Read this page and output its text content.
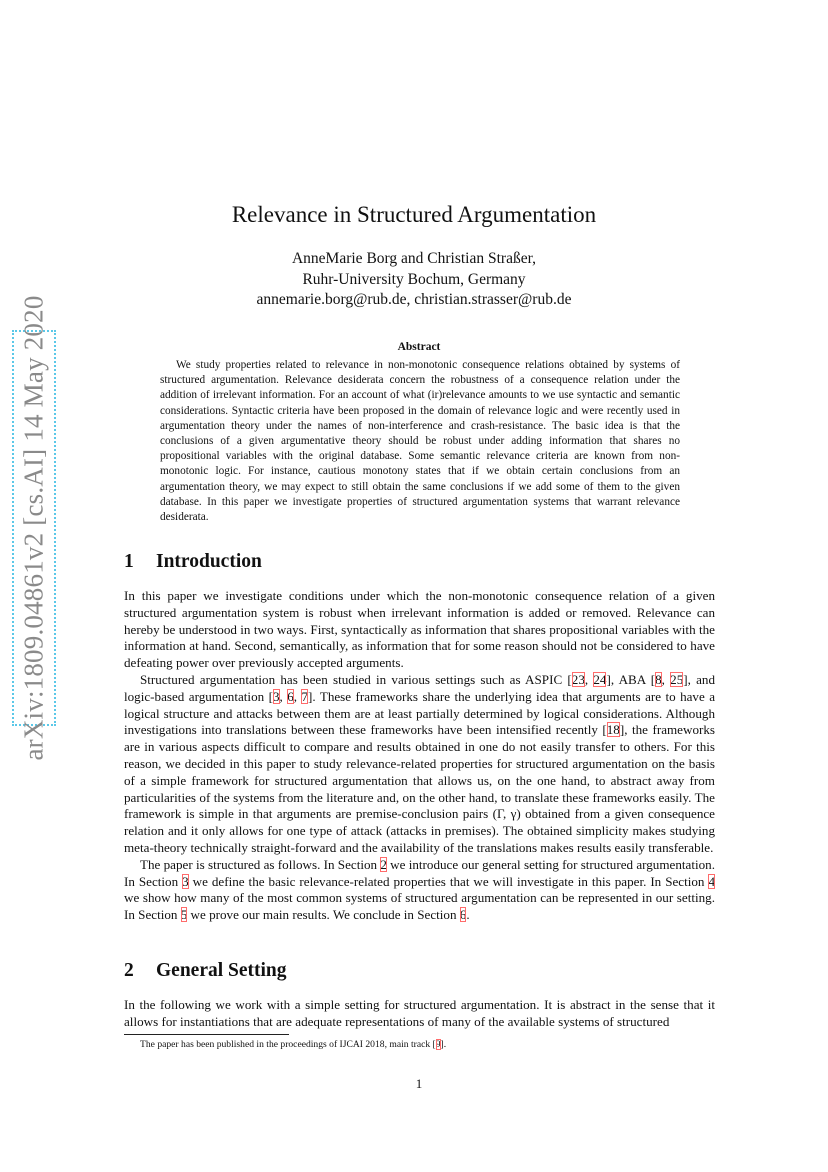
arXiv:1809.04861v2 [cs.AI] 14 May 2020
Relevance in Structured Argumentation
AnneMarie Borg and Christian Straßer,
Ruhr-University Bochum, Germany
annemarie.borg@rub.de, christian.strasser@rub.de
Abstract

We study properties related to relevance in non-monotonic consequence relations obtained by systems of structured argumentation. Relevance desiderata concern the robustness of a consequence relation under the addition of irrelevant information. For an account of what (ir)relevance amounts to we use syntactic and semantic considerations. Syntactic criteria have been proposed in the domain of relevance logic and were recently used in argumentation theory under the names of non-interference and crash-resistance. The basic idea is that the conclusions of a given argumentative theory should be robust under adding information that shares no propositional variables with the original database. Some semantic relevance criteria are known from non-monotonic logic. For instance, cautious monotony states that if we obtain certain conclusions from an argumentation theory, we may expect to still obtain the same conclusions if we add some of them to the given database. In this paper we investigate properties of structured argumentation systems that warrant relevance desiderata.

1 Introduction

In this paper we investigate conditions under which the non-monotonic consequence relation of a given structured argumentation system is robust when irrelevant information is added or removed. Relevance can hereby be understood in two ways. First, syntactically as information that shares propositional variables with the information at hand. Second, semantically, as information that for some reason should not be considered to have defeating power over previously accepted arguments.

Structured argumentation has been studied in various settings such as ASPIC [23, 24], ABA [8, 25], and logic-based argumentation [3, 6, 7]. These frameworks share the underlying idea that arguments are to have a logical structure and attacks between them are at least partially determined by logical considerations. Although investigations into translations between these frameworks have been intensified recently [18], the frameworks are in various aspects difficult to compare and results obtained in one do not easily transfer to others. For this reason, we decided in this paper to study relevance-related properties for structured argumentation on the basis of a simple framework for structured argumentation that allows us, on the one hand, to abstract away from particularities of the systems from the literature and, on the other hand, to translate these frameworks easily. The framework is simple in that arguments are premise-conclusion pairs (Γ, γ) obtained from a given consequence relation and it only allows for one type of attack (attacks in premises). The obtained simplicity makes studying meta-theory technically straight-forward and the availability of the translations makes results easily transferable.

The paper is structured as follows. In Section 2 we introduce our general setting for structured argumentation. In Section 3 we define the basic relevance-related properties that we will investigate in this paper. In Section 4 we show how many of the most common systems of structured argumentation can be represented in our setting. In Section 5 we prove our main results. We conclude in Section 6.

2 General Setting

In the following we work with a simple setting for structured argumentation. It is abstract in the sense that it allows for instantiations that are adequate representations of many of the available systems of structured

The paper has been published in the proceedings of IJCAI 2018, main track [9].
1
